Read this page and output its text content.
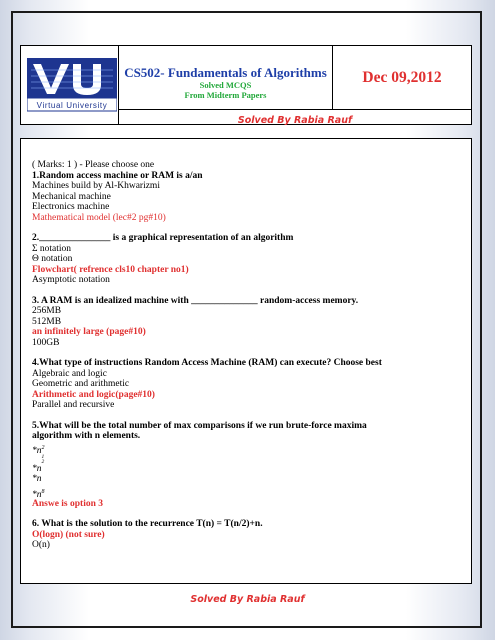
Virtual University
CS502- Fundamentals of Algorithms
Solved MCQS
From Midterm Papers
Dec 09,2012
Solved By Rabia Rauf

( Marks: 1 ) - Please choose one

1.Random access machine or RAM is a/an

Machines build by Al-Khwarizmi

Mechanical machine

Electronics machine

Mathematical model (lec#2 pg#10)

2._______________ is a graphical representation of an algorithm

Σ notation

Θ notation

Flowchart( refrence cls10 chapter no1)

Asymptotic notation

3. A RAM is an idealized machine with ______________ random-access memory.

256MB

512MB

an infinitely large (page#10)

100GB

4.What type of instructions Random Access Machine (RAM) can execute? Choose best

Algebraic and logic

Geometric and arithmetic

Arithmetic and logic(page#10)

Parallel and recursive

5.What will be the total number of max comparisons if we run brute-force maxima

algorithm with n elements.

$*n^2$

*n
1
2

*n

$*n^8$

Answe is option 3

6. What is the solution to the recurrence T(n) = T(n/2)+n.

O(logn) (not sure)

O(n)

Solved By Rabia Rauf
